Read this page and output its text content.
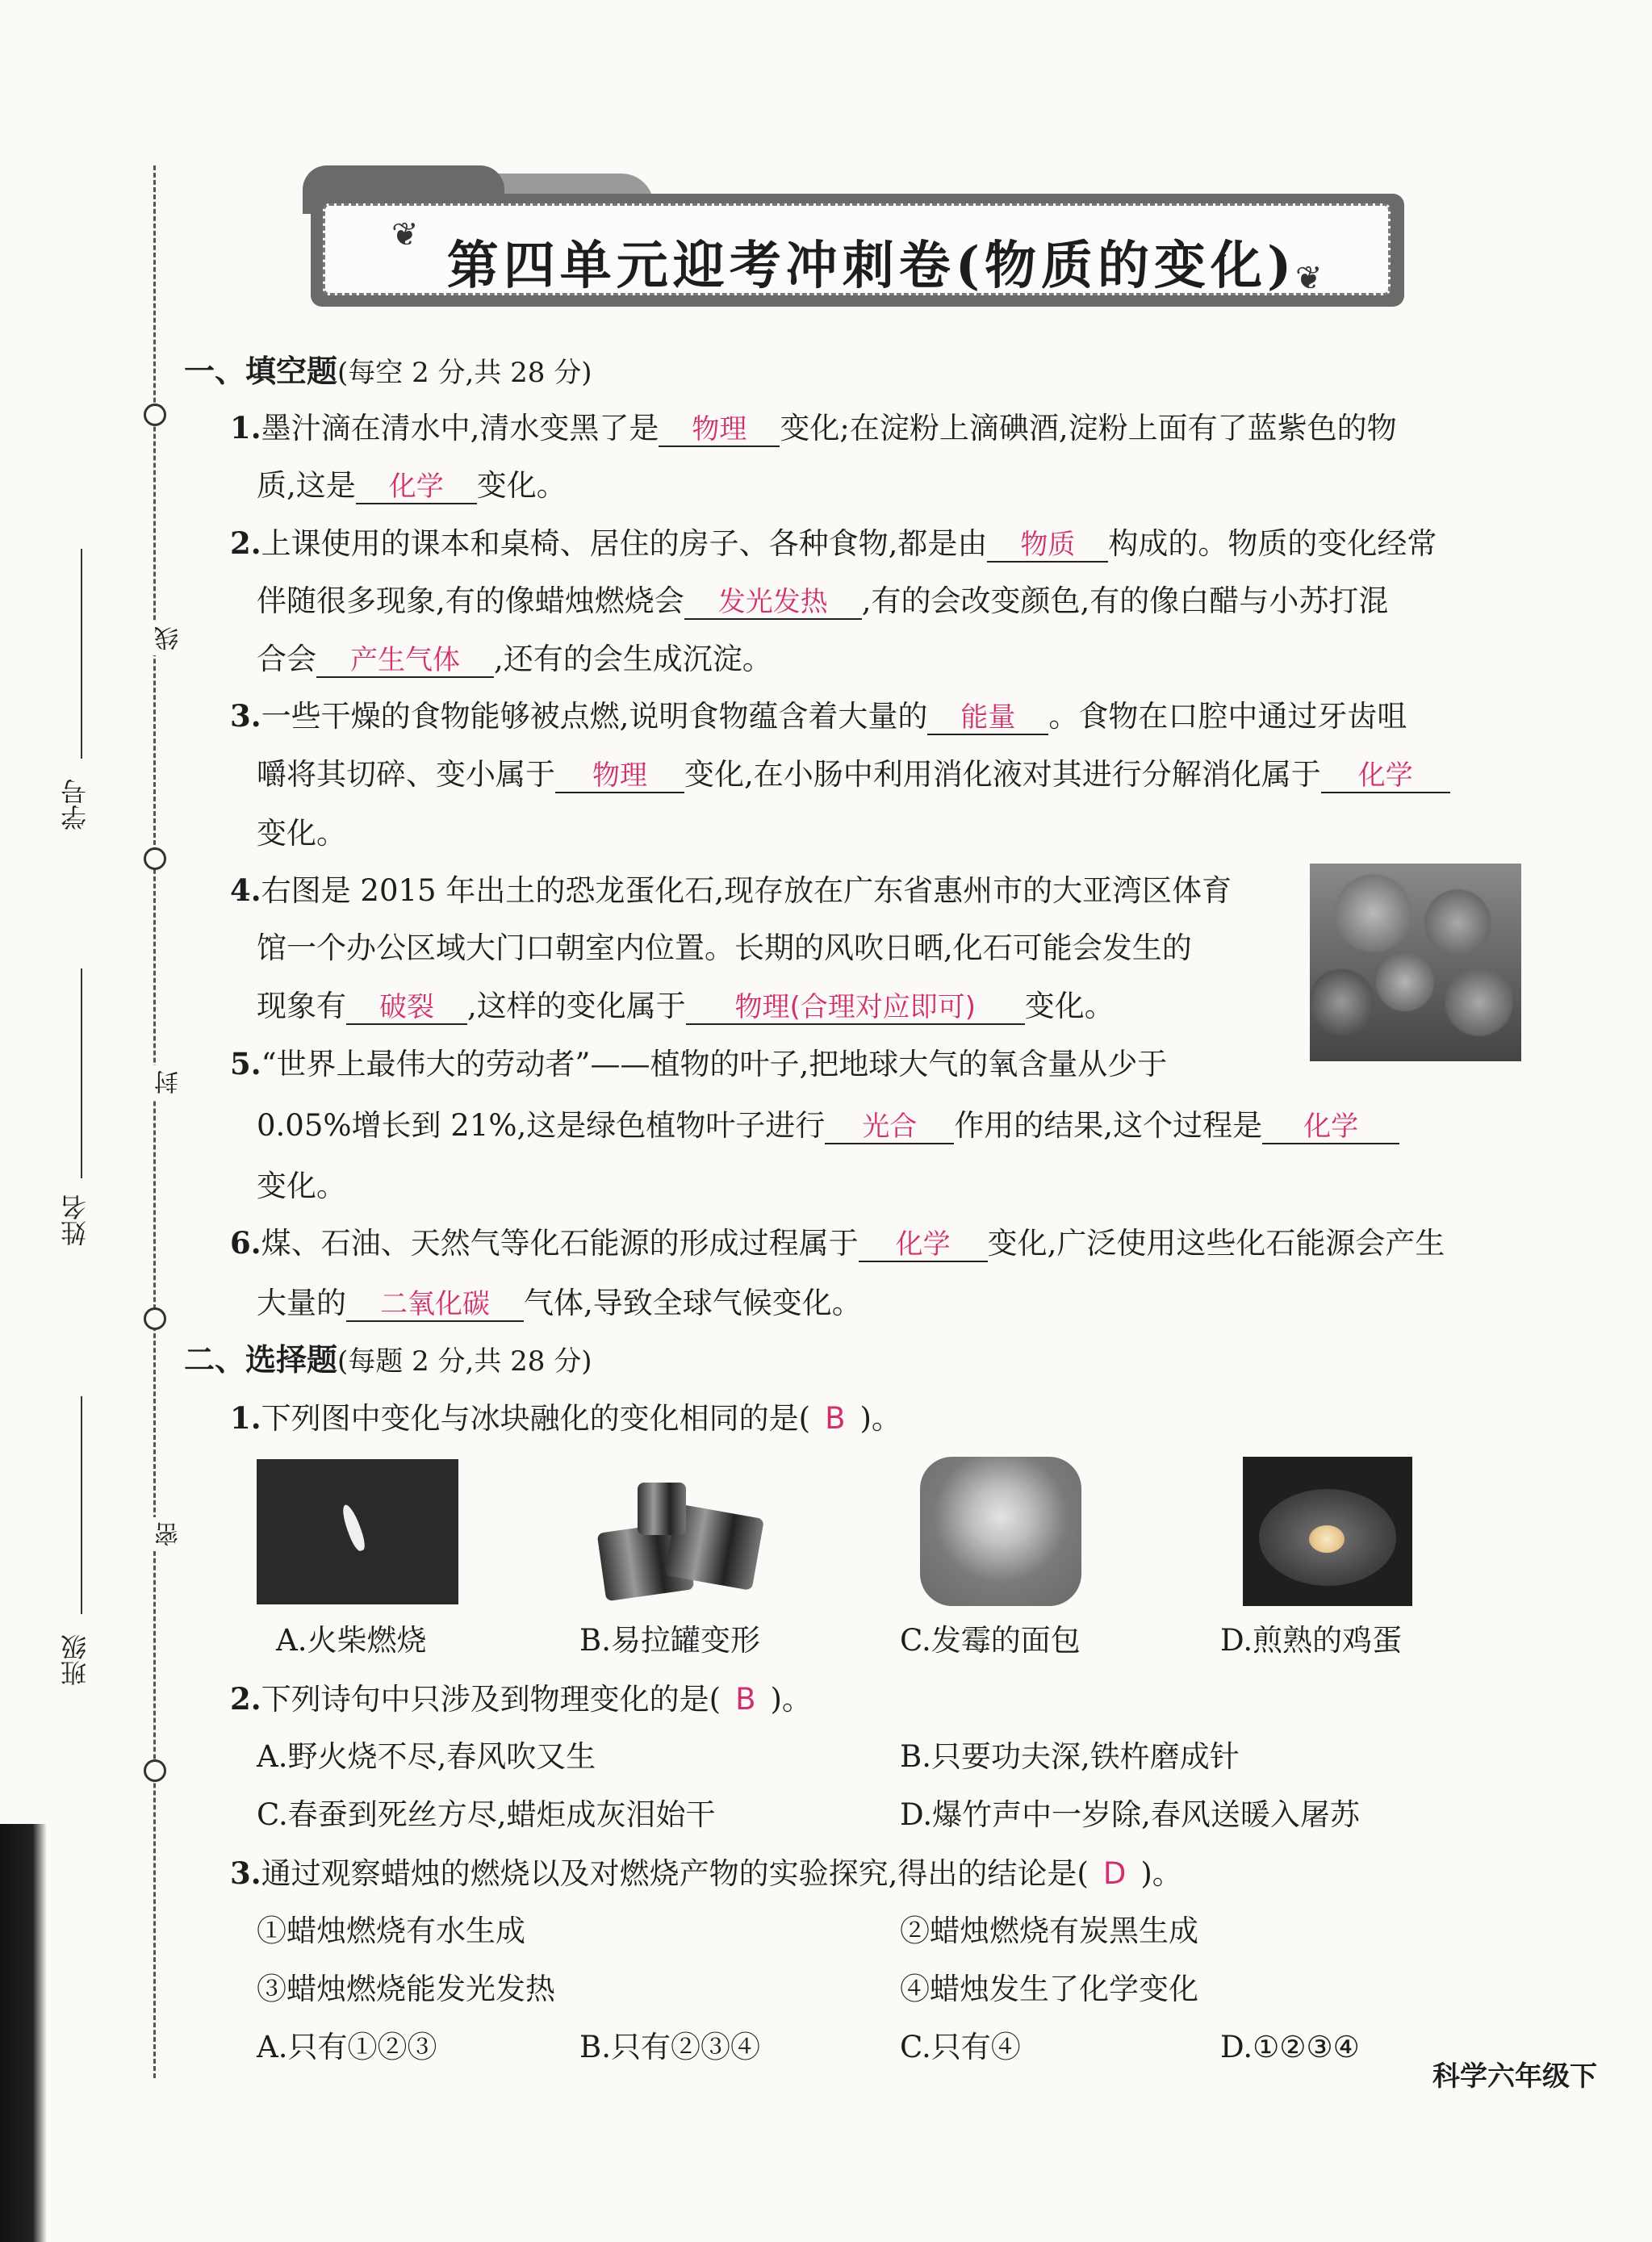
线
封
密
学号
姓名
班级
❦
❦
第四单元迎考冲刺卷(物质的变化)
一、填空题(每空 2 分,共 28 分)
1.墨汁滴在清水中,清水变黑了是 物理 变化;在淀粉上滴碘酒,淀粉上面有了蓝紫色的物
质,这是 化学 变化。
2.上课使用的课本和桌椅、居住的房子、各种食物,都是由 物质 构成的。物质的变化经常
伴随很多现象,有的像蜡烛燃烧会 发光发热 ,有的会改变颜色,有的像白醋与小苏打混
合会 产生气体 ,还有的会生成沉淀。
3.一些干燥的食物能够被点燃,说明食物蕴含着大量的 能量 。食物在口腔中通过牙齿咀
嚼将其切碎、变小属于 物理 变化,在小肠中利用消化液对其进行分解消化属于 化学
变化。
4.右图是 2015 年出土的恐龙蛋化石,现存放在广东省惠州市的大亚湾区体育
馆一个办公区域大门口朝室内位置。长期的风吹日晒,化石可能会发生的
现象有 破裂 ,这样的变化属于 物理(合理对应即可) 变化。
5.“世界上最伟大的劳动者”——植物的叶子,把地球大气的氧含量从少于
0.05%增长到 21%,这是绿色植物叶子进行 光合 作用的结果,这个过程是 化学
变化。
6.煤、石油、天然气等化石能源的形成过程属于 化学 变化,广泛使用这些化石能源会产生
大量的 二氧化碳 气体,导致全球气候变化。
二、选择题(每题 2 分,共 28 分)
1.下列图中变化与冰块融化的变化相同的是( B )。
A.火柴燃烧	B.易拉罐变形	C.发霉的面包	D.煎熟的鸡蛋
2.下列诗句中只涉及到物理变化的是( B )。
A.野火烧不尽,春风吹又生	B.只要功夫深,铁杵磨成针
C.春蚕到死丝方尽,蜡炬成灰泪始干	D.爆竹声中一岁除,春风送暖入屠苏
3.通过观察蜡烛的燃烧以及对燃烧产物的实验探究,得出的结论是( D )。
①蜡烛燃烧有水生成	②蜡烛燃烧有炭黑生成
③蜡烛燃烧能发光发热	④蜡烛发生了化学变化
A.只有①②③	B.只有②③④	C.只有④	D.①②③④
科学六年级下
